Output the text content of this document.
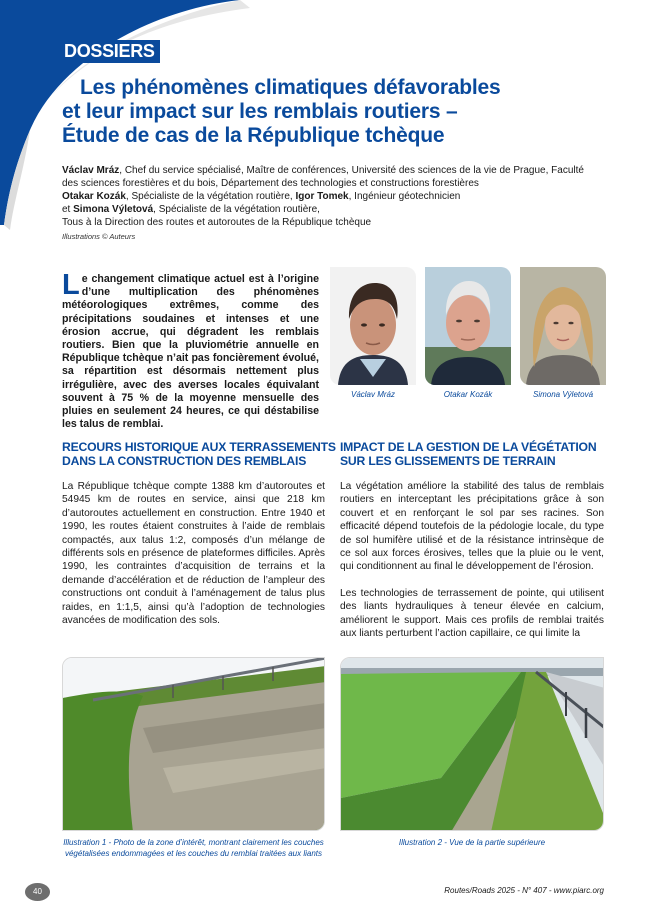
DOSSIERS
Les phénomènes climatiques défavorables
et leur impact sur les remblais routiers –
Étude de cas de la République tchèque
Václav Mráz, Chef du service spécialisé, Maître de conférences, Université des sciences de la vie de Prague, Faculté des sciences forestières et du bois, Département des technologies et constructions forestières
Otakar Kozák, Spécialiste de la végétation routière, Igor Tomek, Ingénieur géotechnicien
et Simona Výletová, Spécialiste de la végétation routière,
Tous à la Direction des routes et autoroutes de la République tchèque
Illustrations © Auteurs
Le changement climatique actuel est à l’origine d’une multiplication des phénomènes météorologiques extrêmes, comme des précipitations soudaines et intenses et une érosion accrue, qui dégradent les remblais routiers. Bien que la pluviométrie annuelle en République tchèque n’ait pas foncièrement évolué, sa répartition est désormais nettement plus irrégulière, avec des averses locales équivalant souvent à 75 % de la moyenne mensuelle des pluies en seulement 24 heures, ce qui déstabilise les talus de remblai.
Václav Mráz	Otakar Kozák	Simona Výletová
RECOURS HISTORIQUE AUX TERRASSEMENTS DANS LA CONSTRUCTION DES REMBLAIS

La République tchèque compte 1388 km d’autoroutes et 54945 km de routes en service, ainsi que 218 km d’autoroutes actuellement en construction. Entre 1940 et 1990, les routes étaient construites à l’aide de remblais compactés, aux talus 1:2, composés d’un mélange de différents sols en présence de plateformes difficiles. Après 1990, les contraintes d’acquisition de terrains et la demande d’accélération et de réduction de l’ampleur des constructions ont conduit à l’aménagement de talus plus raides, en 1:1,5, ainsi qu’à l’adoption de technologies avancées de modification des sols.

IMPACT DE LA GESTION DE LA VÉGÉTATION SUR LES GLISSEMENTS DE TERRAIN

La végétation améliore la stabilité des talus de remblais routiers en interceptant les précipitations grâce à son couvert et en renforçant le sol par ses racines. Son efficacité dépend toutefois de la pédologie locale, du type de sol humifère utilisé et de la résistance intrinsèque de ce sol aux forces érosives, telles que la pluie ou le vent, qui conditionnent au final le développement de l’érosion.

Les technologies de terrassement de pointe, qui utilisent des liants hydrauliques à teneur élevée en calcium, améliorent le support. Mais ces profils de remblai traités aux liants perturbent l’action capillaire, ce qui limite la

Illustration 1 - Photo de la zone d’intérêt, montrant clairement les couches végétalisées endommagées et les couches du remblai traitées aux liants
Illustration 2 - Vue de la partie supérieure
40	Routes/Roads 2025 - N° 407 - www.piarc.org
